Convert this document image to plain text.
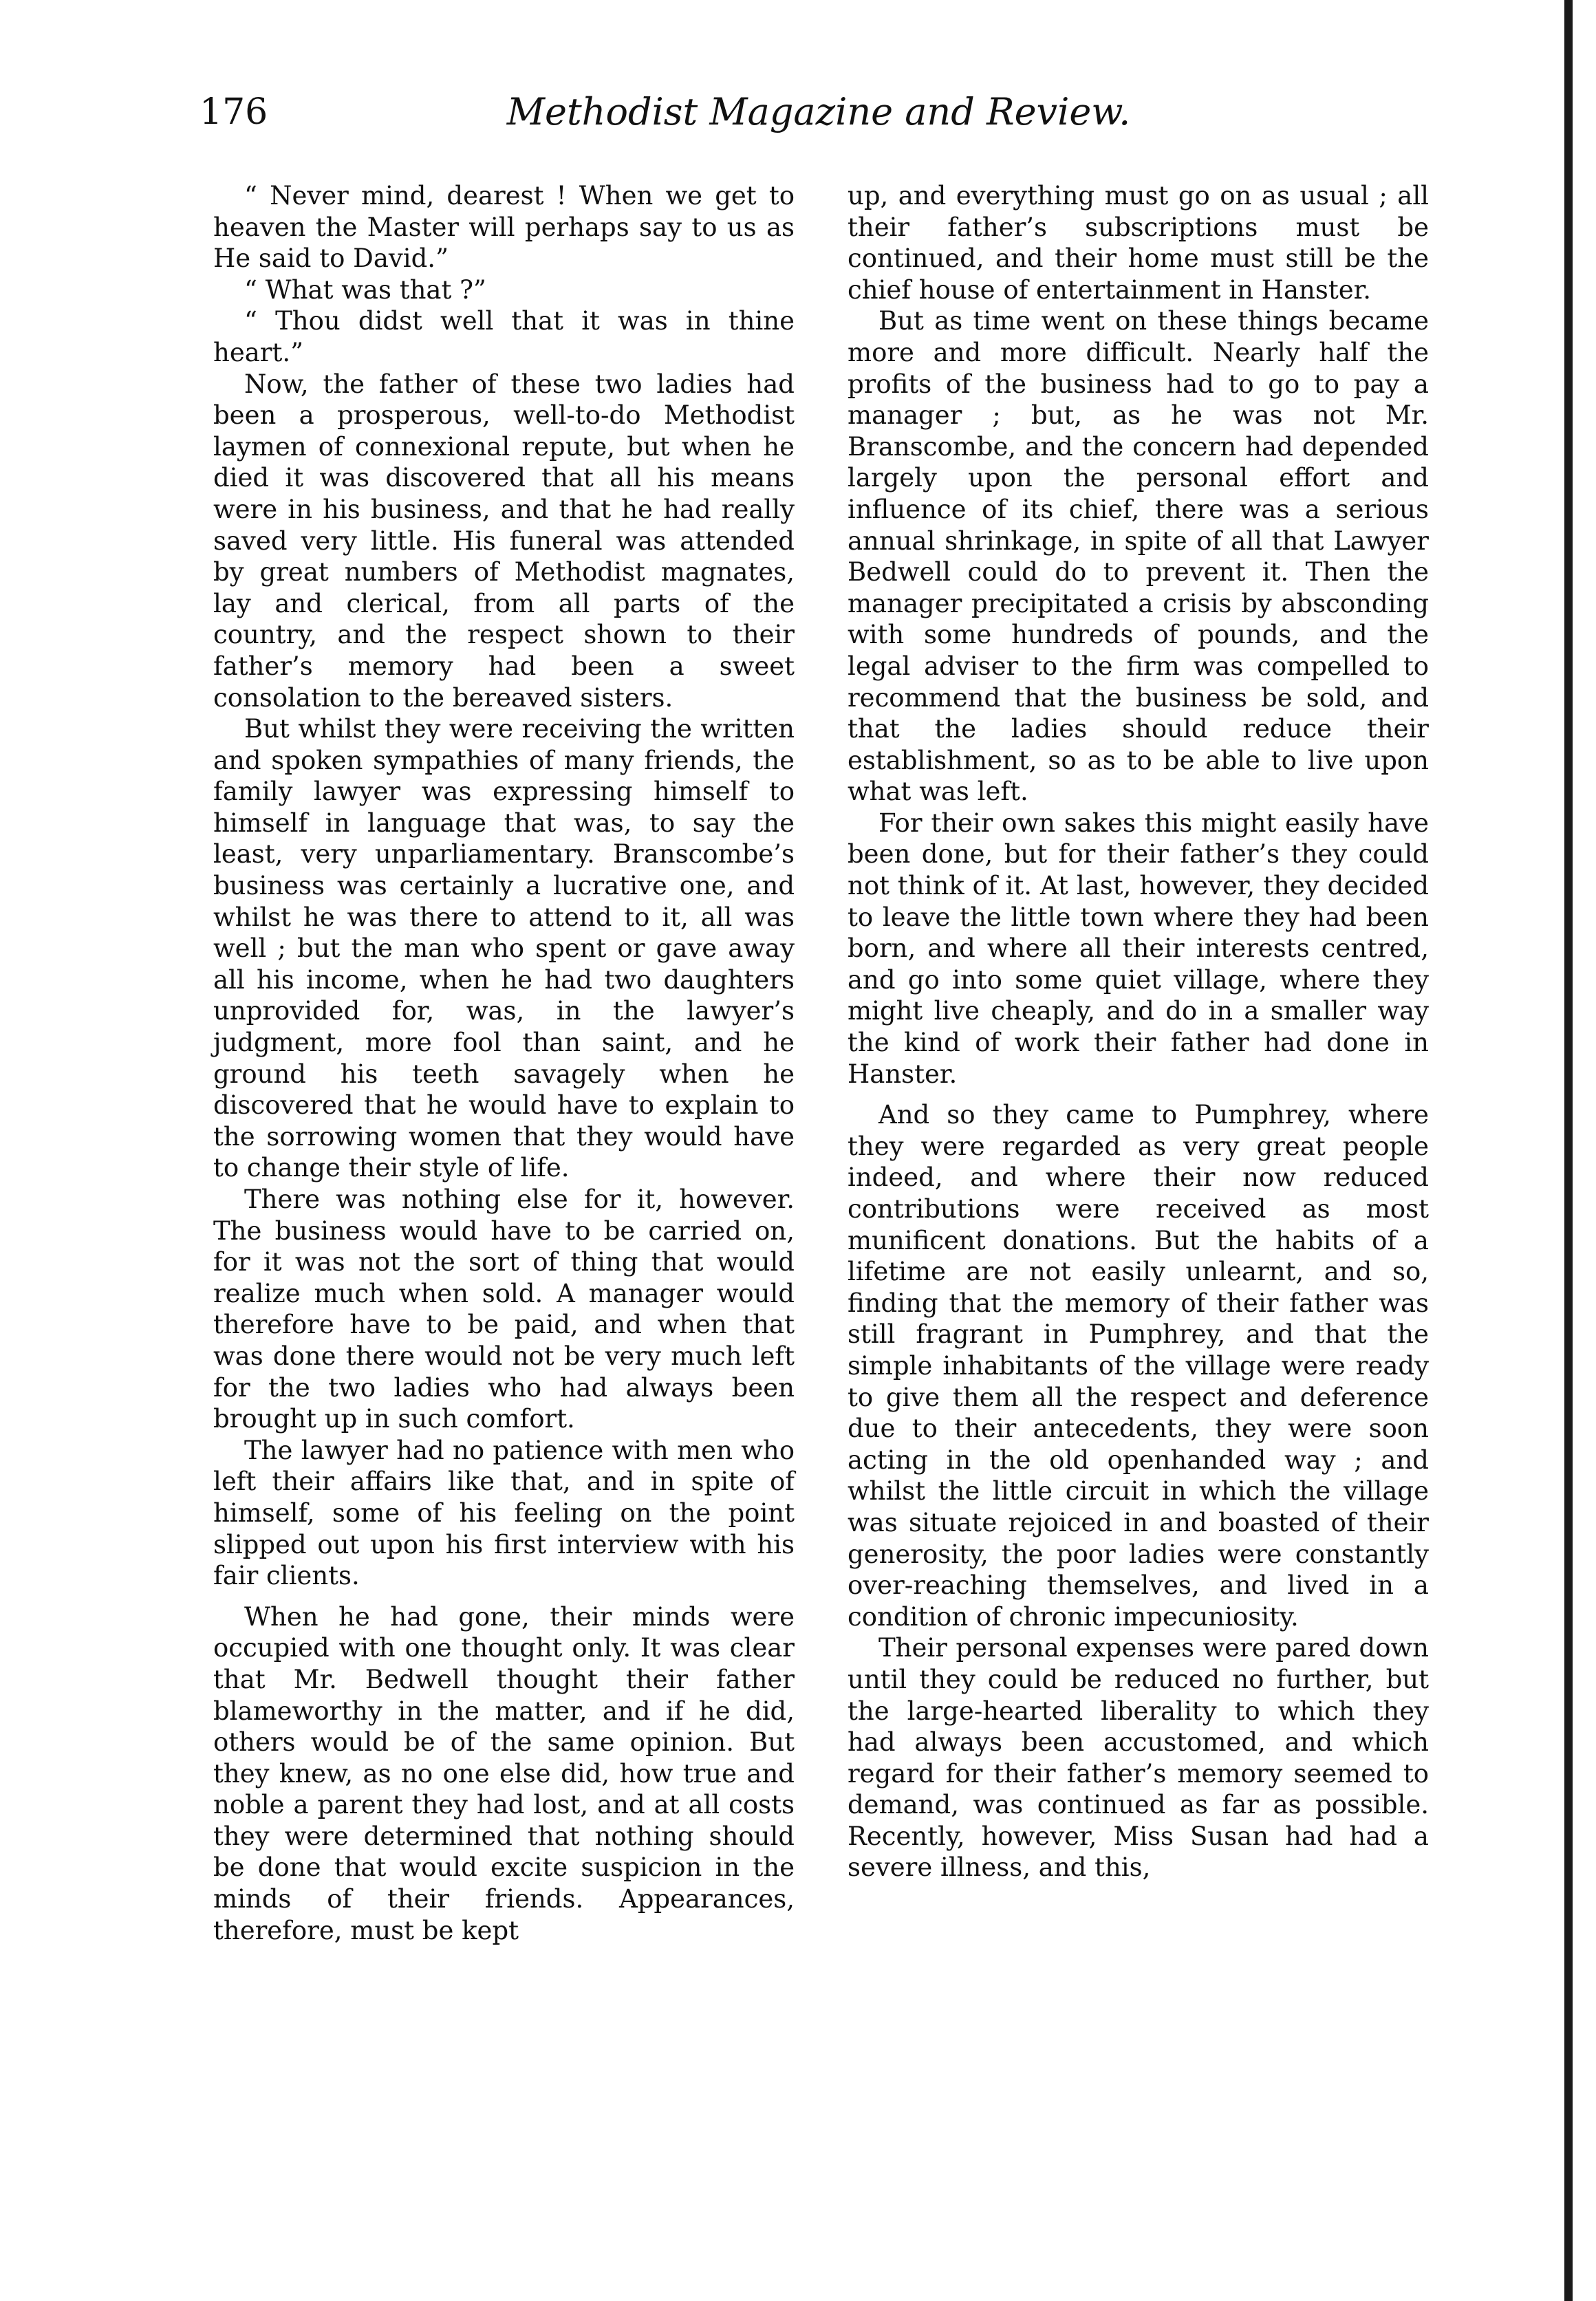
176	Methodist Magazine and Review.

“ Never mind, dearest ! When we get to heaven the Master will perhaps say to us as He said to David.”

“ What was that ?”

“ Thou didst well that it was in thine heart.”

Now, the father of these two ladies had been a prosperous, well-to-do Methodist laymen of connexional repute, but when he died it was discovered that all his means were in his business, and that he had really saved very little. His funeral was attended by great numbers of Methodist magnates, lay and clerical, from all parts of the country, and the respect shown to their father’s memory had been a sweet consolation to the bereaved sisters.

But whilst they were receiving the written and spoken sympathies of many friends, the family lawyer was expressing himself to himself in language that was, to say the least, very unparliamentary. Branscombe’s business was certainly a lucrative one, and whilst he was there to attend to it, all was well ; but the man who spent or gave away all his income, when he had two daughters unprovided for, was, in the lawyer’s judgment, more fool than saint, and he ground his teeth savagely when he discovered that he would have to explain to the sorrowing women that they would have to change their style of life.

There was nothing else for it, however. The business would have to be carried on, for it was not the sort of thing that would realize much when sold. A manager would therefore have to be paid, and when that was done there would not be very much left for the two ladies who had always been brought up in such comfort.

The lawyer had no patience with men who left their affairs like that, and in spite of himself, some of his feeling on the point slipped out upon his first interview with his fair clients.

When he had gone, their minds were occupied with one thought only. It was clear that Mr. Bedwell thought their father blameworthy in the matter, and if he did, others would be of the same opinion. But they knew, as no one else did, how true and noble a parent they had lost, and at all costs they were determined that nothing should be done that would excite suspicion in the minds of their friends. Appearances, therefore, must be kept

up, and everything must go on as usual ; all their father’s subscriptions must be continued, and their home must still be the chief house of entertainment in Hanster.

But as time went on these things became more and more difficult. Nearly half the profits of the business had to go to pay a manager ; but, as he was not Mr. Branscombe, and the concern had depended largely upon the personal effort and influence of its chief, there was a serious annual shrinkage, in spite of all that Lawyer Bedwell could do to prevent it. Then the manager precipitated a crisis by absconding with some hundreds of pounds, and the legal adviser to the firm was compelled to recommend that the business be sold, and that the ladies should reduce their establishment, so as to be able to live upon what was left.

For their own sakes this might easily have been done, but for their father’s they could not think of it. At last, however, they decided to leave the little town where they had been born, and where all their interests centred, and go into some quiet village, where they might live cheaply, and do in a smaller way the kind of work their father had done in Hanster.

And so they came to Pumphrey, where they were regarded as very great people indeed, and where their now reduced contributions were received as most munificent donations. But the habits of a lifetime are not easily unlearnt, and so, finding that the memory of their father was still fragrant in Pumphrey, and that the simple inhabitants of the village were ready to give them all the respect and deference due to their antecedents, they were soon acting in the old openhanded way ; and whilst the little circuit in which the village was situate rejoiced in and boasted of their generosity, the poor ladies were constantly over-reaching themselves, and lived in a condition of chronic impecuniosity.

Their personal expenses were pared down until they could be reduced no further, but the large-hearted liberality to which they had always been accustomed, and which regard for their father’s memory seemed to demand, was continued as far as possible. Recently, however, Miss Susan had had a severe illness, and this,
